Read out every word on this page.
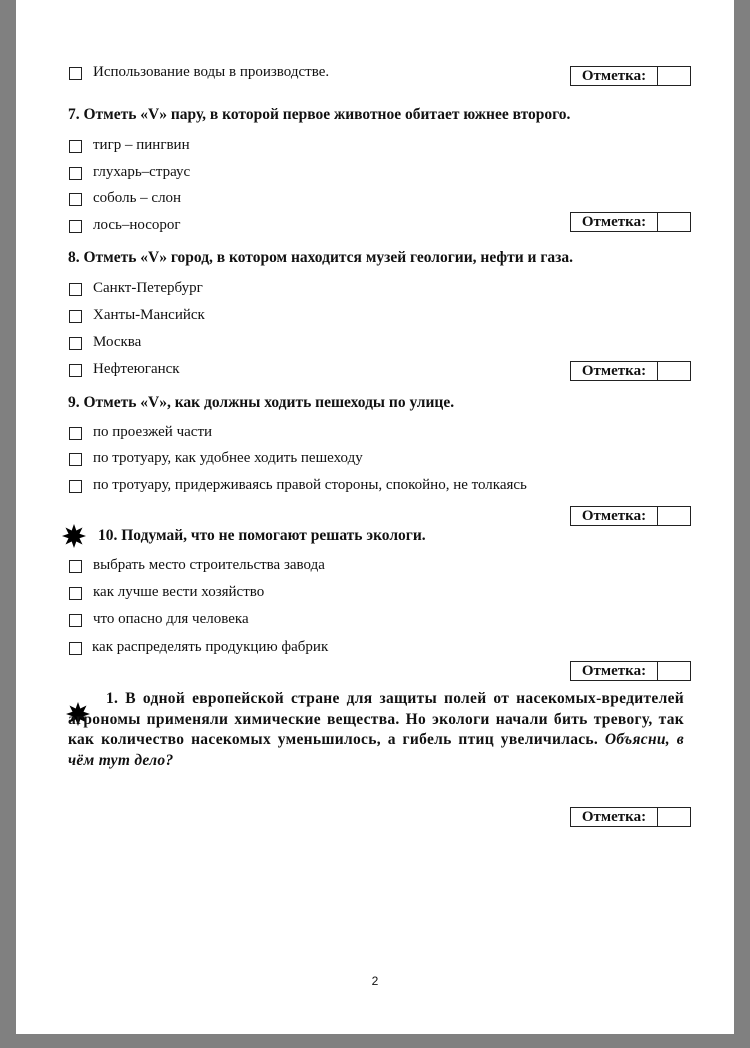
Использование воды в производстве.	Отметка:
7. Отметь «V» пару, в которой первое животное обитает южнее второго.
тигр – пингвин
глухарь–страус
соболь – слон
лось–носорог	Отметка:
8. Отметь «V» город, в котором находится музей геологии, нефти и газа.
Санкт-Петербург
Ханты-Мансийск
Москва
Нефтеюганск	Отметка:
9. Отметь «V», как должны ходить пешеходы по улице.
по проезжей части
по тротуару, как удобнее ходить пешеходу
по тротуару, придерживаясь правой стороны, спокойно, не толкаясь
Отметка:
10. Подумай, что не помогают решать экологи.
выбрать место строительства завода
как лучше вести хозяйство
что опасно для человека
как распределять продукцию фабрик
Отметка:
1. В одной европейской стране для защиты полей от насекомых-вредителей агрономы применяли химические вещества. Но экологи начали бить тревогу, так как количество насекомых уменьшилось, а гибель птиц увеличилась. Объясни, в чём тут дело?
Отметка:
2
